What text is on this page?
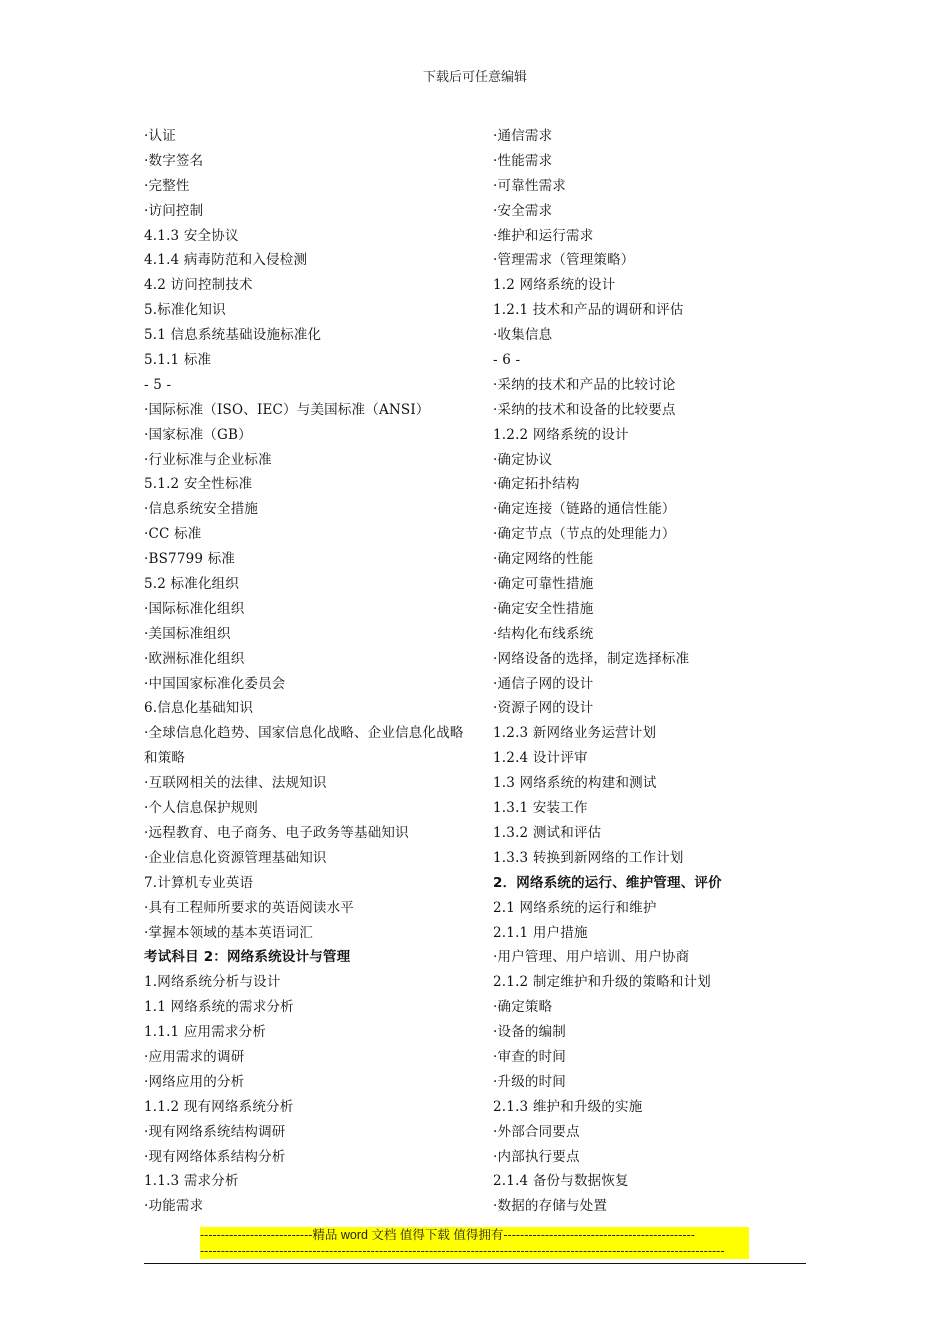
下载后可任意编辑
·认证
·数字签名
·完整性
·访问控制
4.1.3 安全协议
4.1.4 病毒防范和入侵检测
4.2 访问控制技术
5.标准化知识
5.1 信息系统基础设施标准化
5.1.1 标准
- 5 -
·国际标准（ISO、IEC）与美国标准（ANSI）
·国家标准（GB）
·行业标准与企业标准
5.1.2 安全性标准
·信息系统安全措施
·CC 标准
·BS7799 标准
5.2 标准化组织
·国际标准化组织
·美国标准组织
·欧洲标准化组织
·中国国家标准化委员会
6.信息化基础知识
·全球信息化趋势、国家信息化战略、企业信息化战略和策略
·互联网相关的法律、法规知识
·个人信息保护规则
·远程教育、电子商务、电子政务等基础知识
·企业信息化资源管理基础知识
7.计算机专业英语
·具有工程师所要求的英语阅读水平
·掌握本领域的基本英语词汇
考试科目 2：网络系统设计与管理
1.网络系统分析与设计
1.1 网络系统的需求分析
1.1.1 应用需求分析
·应用需求的调研
·网络应用的分析
1.1.2 现有网络系统分析
·现有网络系统结构调研
·现有网络体系结构分析
1.1.3 需求分析
·功能需求
·通信需求
·性能需求
·可靠性需求
·安全需求
·维护和运行需求
·管理需求（管理策略）
1.2 网络系统的设计
1.2.1 技术和产品的调研和评估
·收集信息
- 6 -
·采纳的技术和产品的比较讨论
·采纳的技术和设备的比较要点
1.2.2 网络系统的设计
·确定协议
·确定拓扑结构
·确定连接（链路的通信性能）
·确定节点（节点的处理能力）
·确定网络的性能
·确定可靠性措施
·确定安全性措施
·结构化布线系统
·网络设备的选择，制定选择标准
·通信子网的设计
·资源子网的设计
1.2.3 新网络业务运营计划
1.2.4 设计评审
1.3 网络系统的构建和测试
1.3.1 安装工作
1.3.2 测试和评估
1.3.3 转换到新网络的工作计划
2．网络系统的运行、维护管理、评价
2.1 网络系统的运行和维护
2.1.1 用户措施
·用户管理、用户培训、用户协商
2.1.2 制定维护和升级的策略和计划
·确定策略
·设备的编制
·审查的时间
·升级的时间
2.1.3 维护和升级的实施
·外部合同要点
·内部执行要点
2.1.4 备份与数据恢复
·数据的存储与处置
---------------------------精品 word 文档 值得下载 值得拥有----------------------------------------------
------------------------------------------------------------------------------------------------------------------------------
